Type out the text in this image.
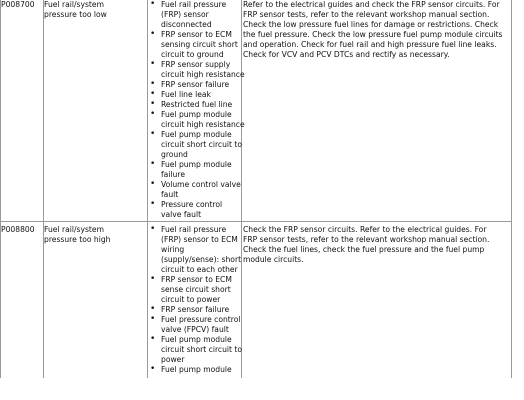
P008700 Fuel rail/system
pressure too low
Fuel rail pressure
(FRP) sensor
disconnected
FRP sensor to ECM
sensing circuit short
circuit to ground
FRP sensor supply
circuit high resistance
FRP sensor failure
Fuel line leak
Restricted fuel line
Fuel pump module
circuit high resistance
Fuel pump module
circuit short circuit to
ground
Fuel pump module
failure
Volume control valve
fault
Pressure control
valve fault
Refer to the electrical guides and check the FRP sensor circuits. For
FRP sensor tests, refer to the relevant workshop manual section.
Check the low pressure fuel lines for damage or restrictions. Check
the fuel pressure. Check the low pressure fuel pump module circuits
and operation. Check for fuel rail and high pressure fuel line leaks.
Check for VCV and PCV DTCs and rectify as necessary.
P008800 Fuel rail/system
pressure too high
Fuel rail pressure
(FRP) sensor to ECM
wiring
(supply/sense): short
circuit to each other
FRP sensor to ECM
sense circuit short
circuit to power
FRP sensor failure
Fuel pressure control
valve (FPCV) fault
Fuel pump module
circuit short circuit to
power
Fuel pump module
Check the FRP sensor circuits. Refer to the electrical guides. For
FRP sensor tests, refer to the relevant workshop manual section.
Check the fuel lines, check the fuel pressure and the fuel pump
module circuits.
